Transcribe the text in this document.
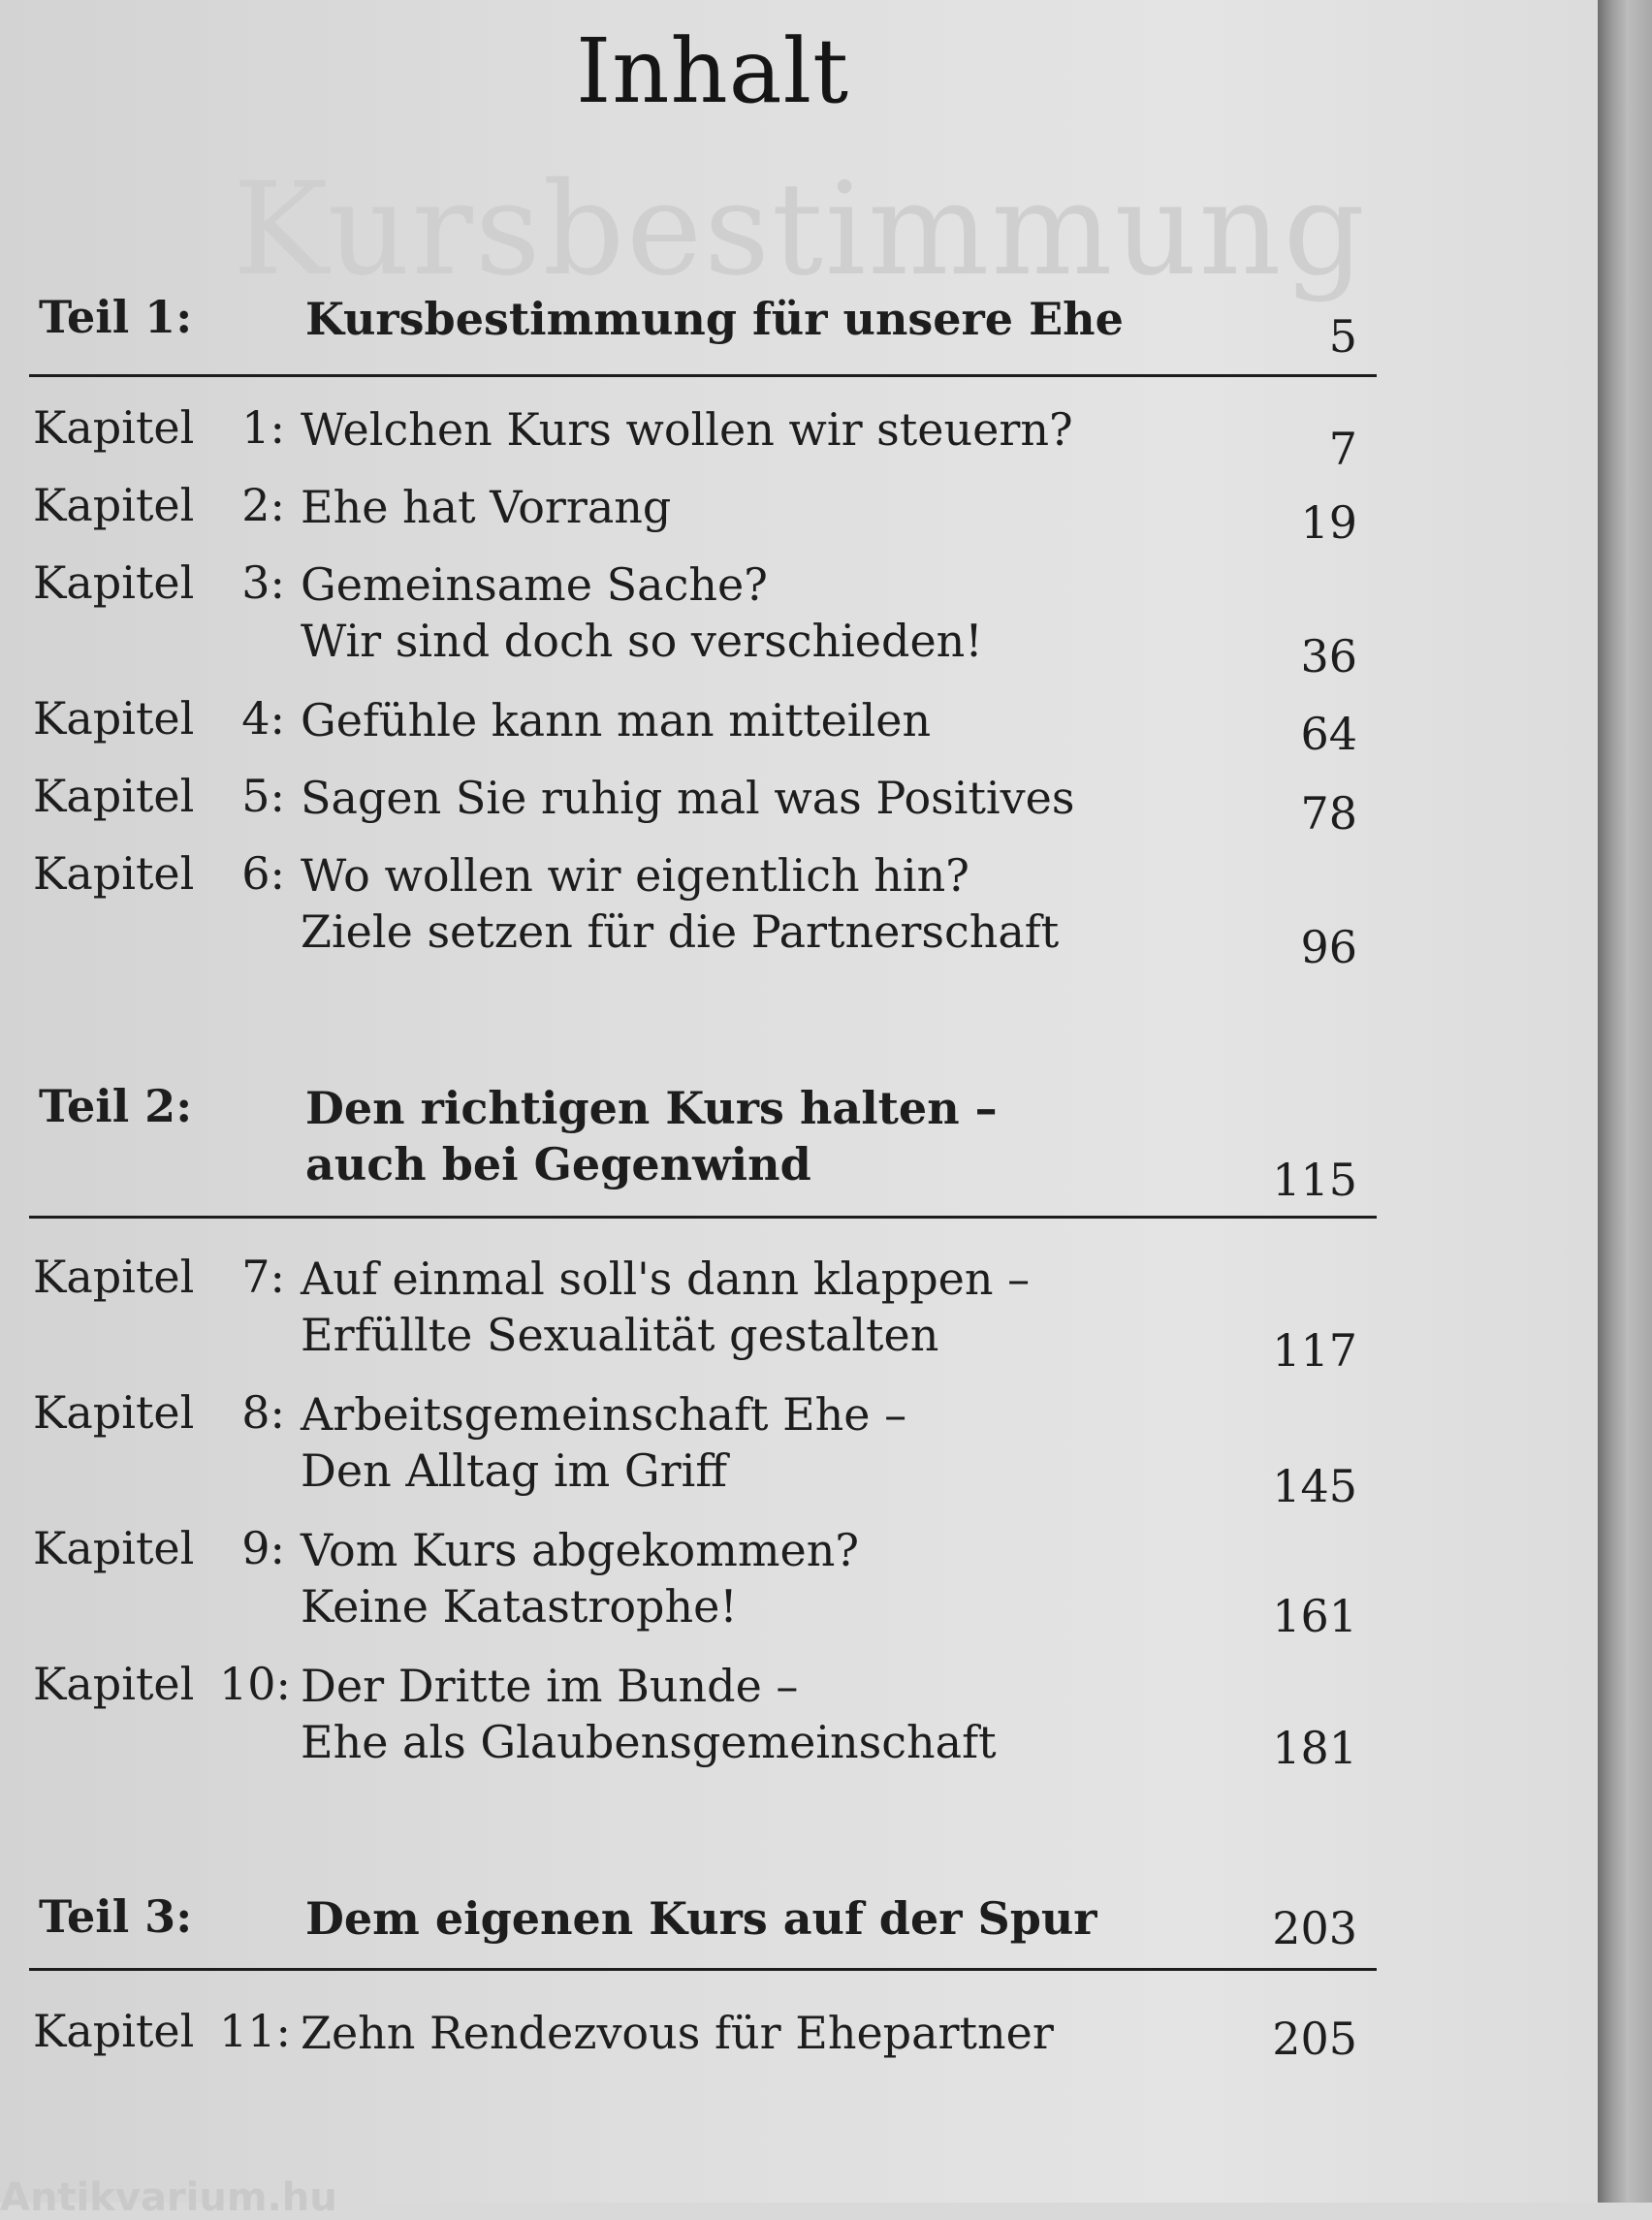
Kursbestimmung
Inhalt
Teil 1:	Kursbestimmung für unsere Ehe	5
Kapitel	1: Welchen Kurs wollen wir steuern?	7
Kapitel	2: Ehe hat Vorrang	19
Kapitel	3: Gemeinsame Sache?
Wir sind doch so verschieden!	36
Kapitel	4: Gefühle kann man mitteilen	64
Kapitel	5: Sagen Sie ruhig mal was Positives	78
Kapitel	6: Wo wollen wir eigentlich hin?
Ziele setzen für die Partnerschaft	96
Teil 2:	Den richtigen Kurs halten –
auch bei Gegenwind	115
Kapitel	7: Auf einmal soll's dann klappen –
Erfüllte Sexualität gestalten	117
Kapitel	8: Arbeitsgemeinschaft Ehe –
Den Alltag im Griff	145
Kapitel	9: Vom Kurs abgekommen?
Keine Katastrophe!	161
Kapitel 10: Der Dritte im Bunde –
Ehe als Glaubensgemeinschaft	181
Teil 3:	Dem eigenen Kurs auf der Spur	203
Kapitel 11: Zehn Rendezvous für Ehepartner	205
Antikvarium.hu
